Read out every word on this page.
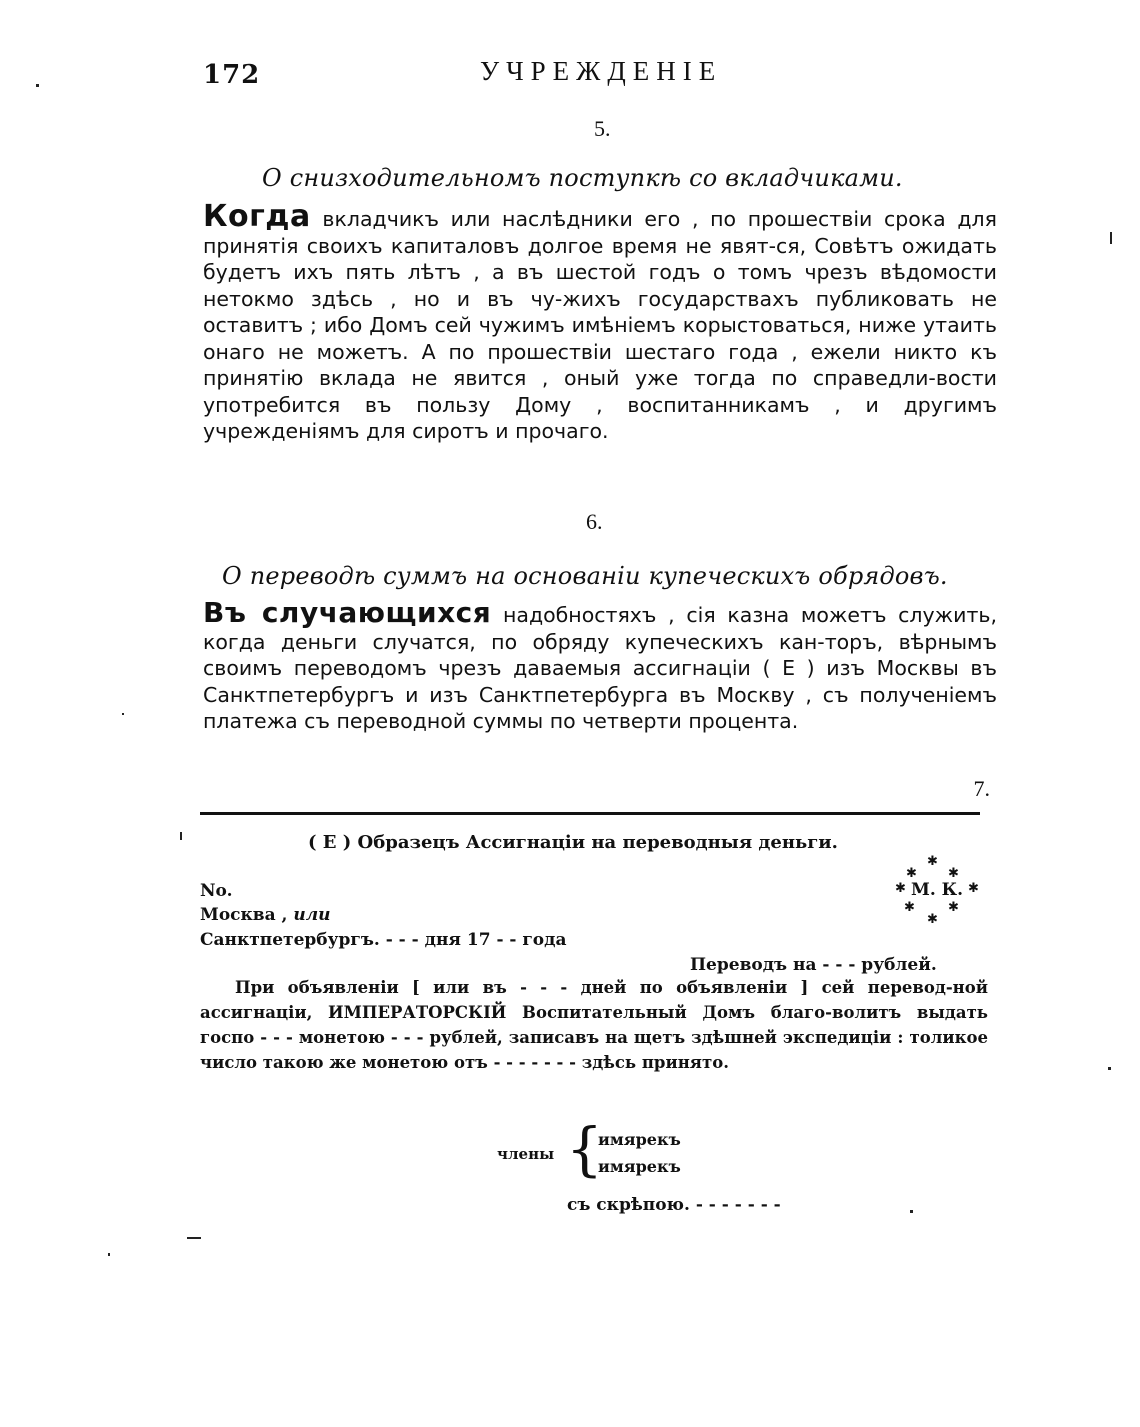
172	УЧРЕЖДЕНІЕ
5.
О снизходительномъ поступкѣ со вкладчиками.

Когда вкладчикъ или наслѣдники его , по прошествіи срока для принятія своихъ капиталовъ долгое время не явят-ся, Совѣтъ ожидать будетъ ихъ пять лѣтъ , а въ шестой годъ о томъ чрезъ вѣдомости нетокмо здѣсь , но и въ чу-жихъ государствахъ публиковать не оставитъ ; ибо Домъ сей чужимъ имѣніемъ корыстоваться, ниже утаить онаго не можетъ. А по прошествіи шестаго года , ежели никто къ принятію вклада не явится , оный уже тогда по справедли-вости употребится въ пользу Дому , воспитанникамъ , и другимъ учрежденіямъ для сиротъ и прочаго.

6.
О переводѣ суммъ на основаніи купеческихъ обрядовъ.

Въ случающихся надобностяхъ , сія казна можетъ служить, когда деньги случатся, по обряду купеческихъ кан-торъ, вѣрнымъ своимъ переводомъ чрезъ даваемыя ассигнаціи ( Е ) изъ Москвы въ Санктпетербургъ и изъ Санктпетербурга въ Москву , съ полученіемъ платежа съ переводной суммы по четверти процента.

7.
( Е ) Образецъ Ассигнаціи на переводныя деньги.
✱
✱ ✱
✱	✱
✱	✱
✱
М. К.
No.
Москва , или
Санктпетербургъ. - - - дня 17 - - года
Переводъ на - - - рублей.

При объявленіи [ или въ - - - дней по объявленіи ] сей перевод-ной ассигнаціи, ИМПЕРАТОРСКІЙ Воспитательный Домъ благо-волитъ выдать госпо - - - монетою - - - рублей, записавъ на щетъ здѣшней экспедиціи : толикое число такою же монетою отъ - - - - - - - здѣсь принято.

члены {
имярекъ
имярекъ
съ скрѣпою. - - - - - - -
